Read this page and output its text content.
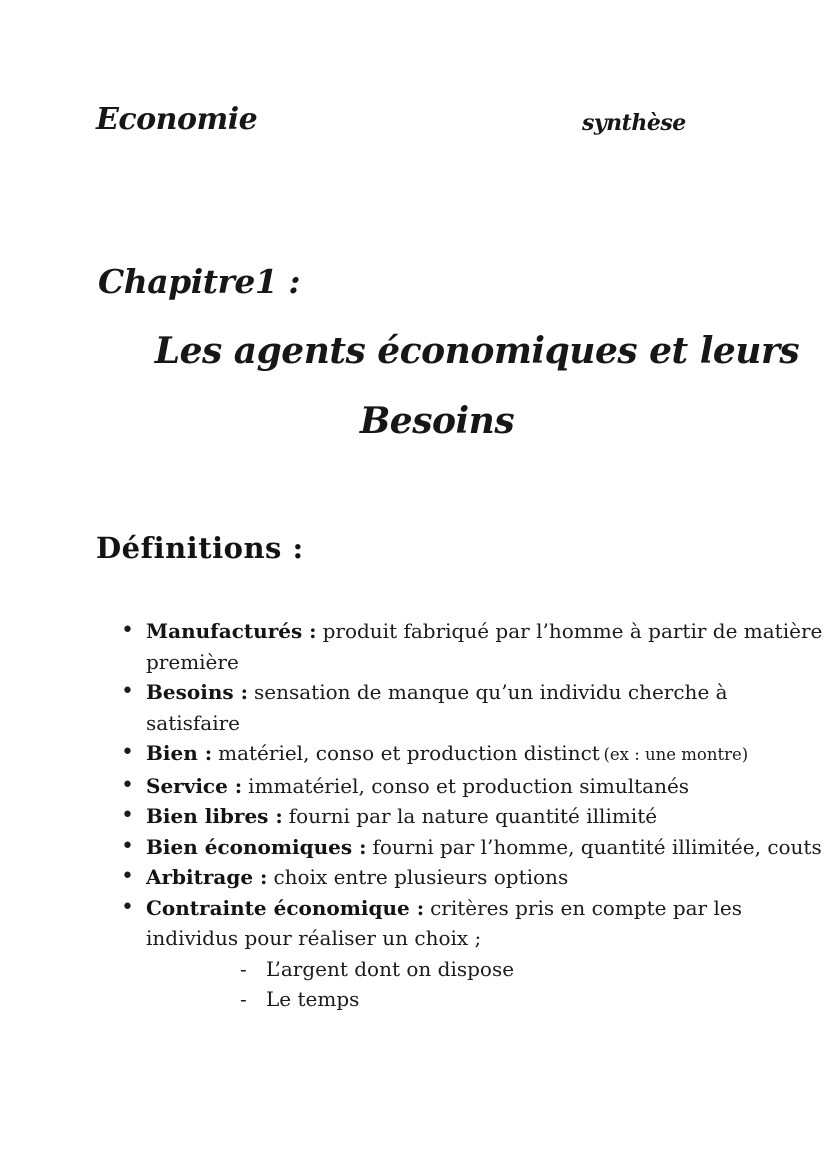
Economie	synthèse
Chapitre1 :
Les agents économiques et leurs
Besoins
Définitions :
• Manufacturés : produit fabriqué par l’homme à partir de matière première
• Besoins : sensation de manque qu’un individu cherche à satisfaire
• Bien : matériel, conso et production distinct (ex : une montre)
• Service : immatériel, conso et production simultanés
• Bien libres : fourni par la nature quantité illimité
• Bien économiques : fourni par l’homme, quantité illimitée, couts
• Arbitrage : choix entre plusieurs options
• Contrainte économique : critères pris en compte par les individus pour réaliser un choix ;
- L’argent dont on dispose
- Le temps
